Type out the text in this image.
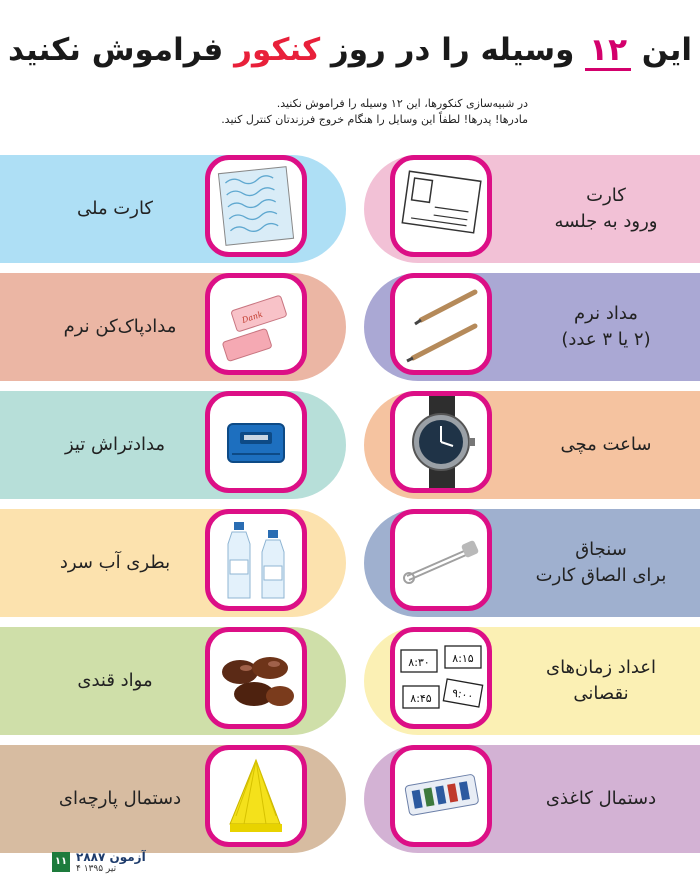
این ۱۲ وسیله را در روز کنکور فراموش نکنید
در شبیه‌سازی کنکورها، این ۱۲ وسیله را فراموش نکنید.
مادرها! پدرها! لطفاً این وسایل را هنگام خروج فرزندتان کنترل کنید.
کارت
ورود به جلسه
کارت ملی
مداد نرم
(۲ یا ۳ عدد)
مدادپاک‌کن نرم	Dank
ساعت مچی
مدادتراش تیز
سنجاق
برای الصاق کارت
بطری آب سرد
اعداد زمان‌های
نقصانی
۸:۳۰ ۸:۱۵
۸:۴۵ ۹:۰۰
مواد قندی
دستمال کاغذی
دستمال پارچه‌ای
۱۱ آزمون ۲۸۸۷
۴ تیر ۱۳۹۵
